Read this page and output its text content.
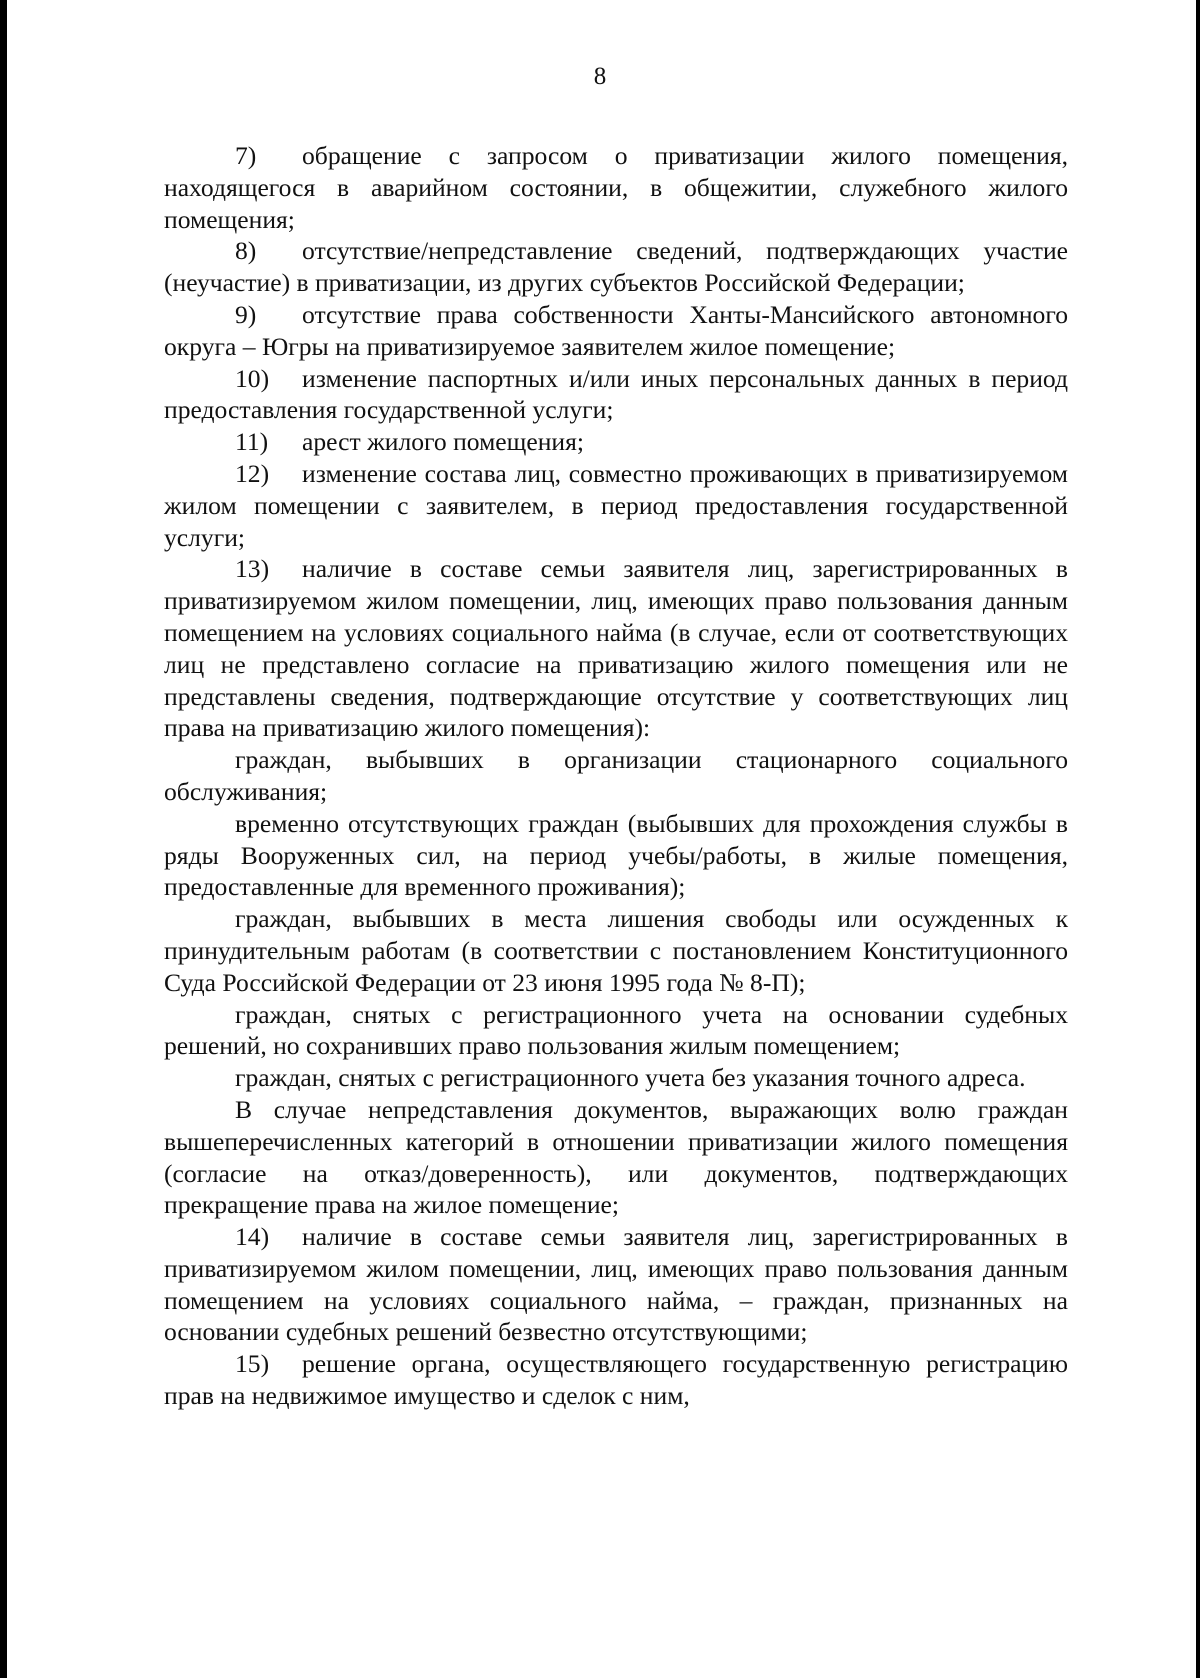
8

7) обращение с запросом о приватизации жилого помещения, находящегося в аварийном состоянии, в общежитии, служебного жилого помещения;

8) отсутствие/непредставление сведений, подтверждающих участие (неучастие) в приватизации, из других субъектов Российской Федерации;

9) отсутствие права собственности Ханты-Мансийского автономного округа – Югры на приватизируемое заявителем жилое помещение;

10) изменение паспортных и/или иных персональных данных в период предоставления государственной услуги;

11) арест жилого помещения;

12) изменение состава лиц, совместно проживающих в приватизируемом жилом помещении с заявителем, в период предоставления государственной услуги;

13) наличие в составе семьи заявителя лиц, зарегистрированных в приватизируемом жилом помещении, лиц, имеющих право пользования данным помещением на условиях социального найма (в случае, если от соответствующих лиц не представлено согласие на приватизацию жилого помещения или не представлены сведения, подтверждающие отсутствие у соответствующих лиц права на приватизацию жилого помещения):

граждан, выбывших в организации стационарного социального обслуживания;

временно отсутствующих граждан (выбывших для прохождения службы в ряды Вооруженных сил, на период учебы/работы, в жилые помещения, предоставленные для временного проживания);

граждан, выбывших в места лишения свободы или осужденных к принудительным работам (в соответствии с постановлением Конституционного Суда Российской Федерации от 23 июня 1995 года № 8-П);

граждан, снятых с регистрационного учета на основании судебных решений, но сохранивших право пользования жилым помещением;

граждан, снятых с регистрационного учета без указания точного адреса.

В случае непредставления документов, выражающих волю граждан вышеперечисленных категорий в отношении приватизации жилого помещения (согласие на отказ/доверенность), или документов, подтверждающих прекращение права на жилое помещение;

14) наличие в составе семьи заявителя лиц, зарегистрированных в приватизируемом жилом помещении, лиц, имеющих право пользования данным помещением на условиях социального найма, – граждан, признанных на основании судебных решений безвестно отсутствующими;

15) решение органа, осуществляющего государственную регистрацию прав на недвижимое имущество и сделок с ним,
